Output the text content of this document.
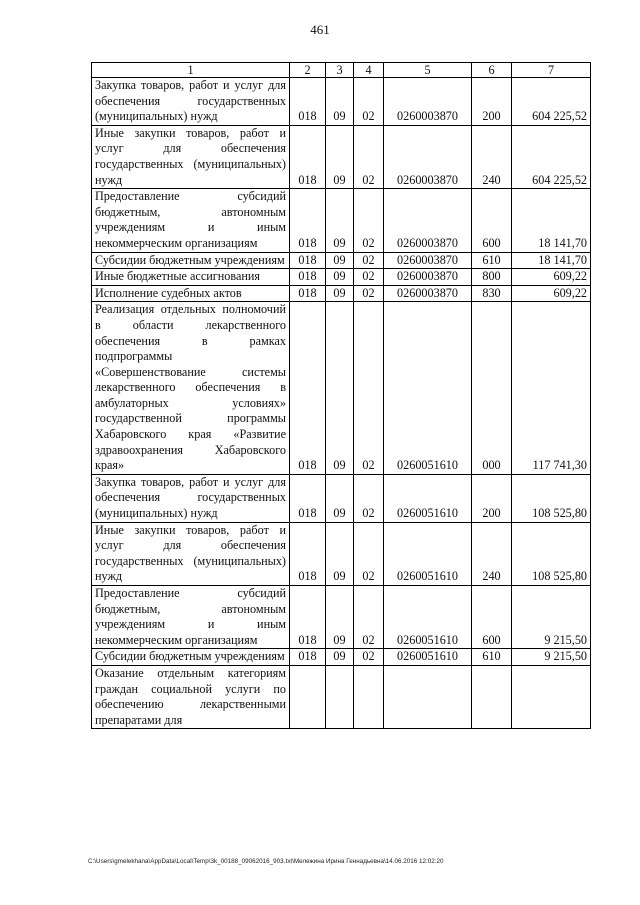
461
1	2	3	4	5	6	7
Закупка товаров, работ и услуг для обеспечения государственных (муниципальных) нужд	018	09	02	0260003870	200	604 225,52
Иные закупки товаров, работ и услуг для обеспечения государственных (муниципальных) нужд	018	09	02	0260003870	240	604 225,52
Предоставление субсидий бюджетным, автономным учреждениям и иным некоммерческим организациям	018	09	02	0260003870	600	18 141,70
Субсидии бюджетным учреждениям	018	09	02	0260003870	610	18 141,70
Иные бюджетные ассигнования	018	09	02	0260003870	800	609,22
Исполнение судебных актов	018	09	02	0260003870	830	609,22
Реализация отдельных полномочий в области лекарственного обеспечения в рамках подпрограммы «Совершенствование системы лекарственного обеспечения в амбулаторных условиях» государственной программы Хабаровского края «Развитие здравоохранения Хабаровского края»	018	09	02	0260051610	000	117 741,30
Закупка товаров, работ и услуг для обеспечения государственных (муниципальных) нужд	018	09	02	0260051610	200	108 525,80
Иные закупки товаров, работ и услуг для обеспечения государственных (муниципальных) нужд	018	09	02	0260051610	240	108 525,80
Предоставление субсидий бюджетным, автономным учреждениям и иным некоммерческим организациям	018	09	02	0260051610	600	9 215,50
Субсидии бюджетным учреждениям	018	09	02	0260051610	610	9 215,50
Оказание отдельным категориям граждан социальной услуги по обеспечению лекарственными препаратами для						
C:\Users\gmelekhana\AppData\Local\Temp\3k_00188_09062016_903.txt\Мележина Ирина Геннадьевна\14.06.2016 12:02:20
